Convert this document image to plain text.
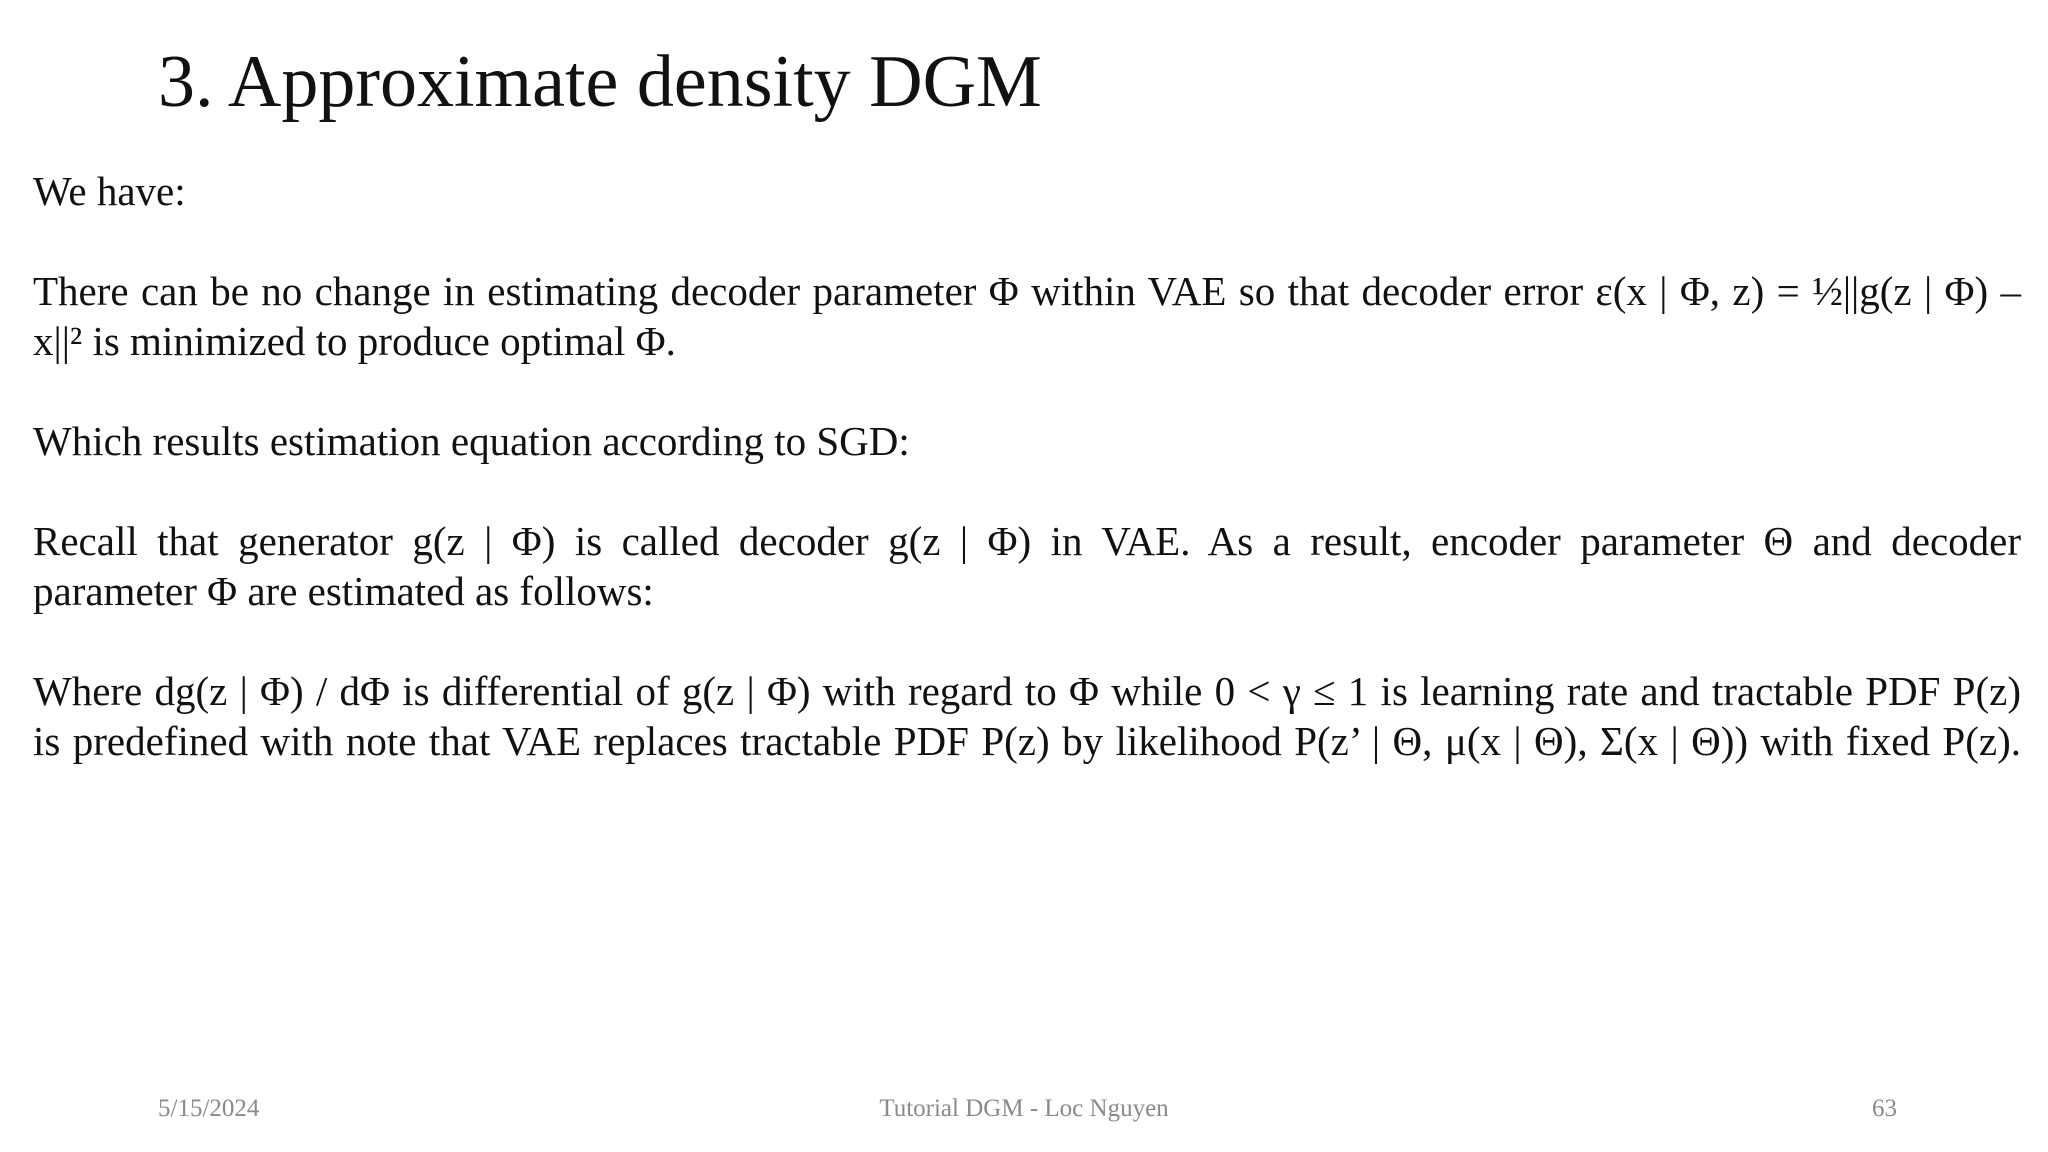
3. Approximate density DGM
We have:
There can be no change in estimating decoder parameter Φ within VAE so that decoder error ε(x | Φ, z) = ½||g(z | Φ) –
x||² is minimized to produce optimal Φ.
Which results estimation equation according to SGD:
Recall that generator g(z | Φ) is called decoder g(z | Φ) in VAE. As a result, encoder parameter Θ and decoder
parameter Φ are estimated as follows:
Where dg(z | Φ) / dΦ is differential of g(z | Φ) with regard to Φ while 0 < γ ≤ 1 is learning rate and tractable PDF P(z)
is predefined with note that VAE replaces tractable PDF P(z) by likelihood P(z’ | Θ, μ(x | Θ), Σ(x | Θ)) with fixed P(z).
5/15/2024	Tutorial DGM - Loc Nguyen	63
